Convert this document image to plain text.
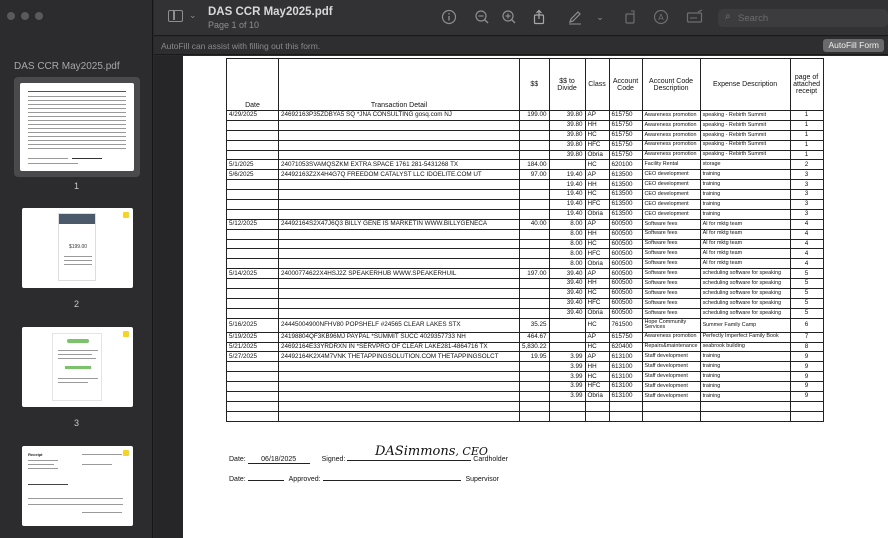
DAS CCR May2025.pdf
1
$199.00
2
3
Receipt
⌄ DAS CCR May2025.pdf
Page 1 of 10
⌄	A	⌕
Search
AutoFill can assist with filling out this form.	AutoFill Form
Date	Transaction Detail	$$	$$ to Divide	Class	Account Code	Account Code Description	Expense Description	page of attached receipt
4/29/2025	24692163P35ZDBYA5 SQ *JNA CONSULTING gosq.com NJ	199.00	39.80	AP	615750	Awareness promotion	speaking - Rebirth Summit	1
			39.80	HH	615750	Awareness promotion	speaking - Rebirth Summit	1
			39.80	HC	615750	Awareness promotion	speaking - Rebirth Summit	1
			39.80	HFC	615750	Awareness promotion	speaking - Rebirth Summit	1
			39.80	Obria	615750	Awareness promotion	speaking - Rebirth Summit	1
5/1/2025	24071053SVAMQSZKM EXTRA SPACE 1761 281-5431268 TX	184.00		HC	620100	Facility Rental	storage	2
5/6/2025	24492163Z2X4H4G7Q FREEDOM CATALYST LLC IDOELITE.COM UT	97.00	19.40	AP	613500	CEO development	training	3
			19.40	HH	613500	CEO development	training	3
			19.40	HC	613500	CEO development	training	3
			19.40	HFC	613500	CEO development	training	3
			19.40	Obria	613500	CEO development	training	3
5/12/2025	24492164S2X47J6Q3 BILLY GENE IS MARKETIN WWW.BILLYGENECA	40.00	8.00	AP	600500	Software fees	AI for mktg team	4
			8.00	HH	600500	Software fees	AI for mktg team	4
			8.00	HC	600500	Software fees	AI for mktg team	4
			8.00	HFC	600500	Software fees	AI for mktg team	4
			8.00	Obria	600500	Software fees	AI for mktg team	4
5/14/2025	24000774622X4HSJ2Z SPEAKERHUB WWW.SPEAKERHUIL	197.00	39.40	AP	600500	Software fees	scheduling software for speaking	5
			39.40	HH	600500	Software fees	scheduling software for speaking	5
			39.40	HC	600500	Software fees	scheduling software for speaking	5
			39.40	HFC	600500	Software fees	scheduling software for speaking	5
			39.40	Obria	600500	Software fees	scheduling software for speaking	5
5/16/2025	24445004900NFHV80 POPSHELF #24565 CLEAR LAKES STX	35.25		HC	761500	Hope Community Services	Summer Family Camp	6
5/19/2025	24198804QF3KB96MJ PAYPAL *SUMMIT SUCC 4029357733 NH	464.67		AP	615750	Awareness promotion	Perfectly Imperfect Family Book	7
5/21/2025	24692164E33YRDRXN IN *SERVPRO OF CLEAR LAKE281-4864716 TX	5,830.22		HC	620400	Repairs&maintenance	seabrook building	8
5/27/2025	24492164K2X4M7VNK THETAPPINGSOLUTION.COM THETAPPINGSOLCT	19.95	3.99	AP	613100	Staff development	training	9
			3.99	HH	613100	Staff development	training	9
			3.99	HC	613100	Staff development	training	9
			3.99	HFC	613100	Staff development	training	9
			3.99	Obria	613100	Staff development	training	9

Date: 06/18/2025	Signed:	Cardholder
DASimmons, CEO
Date:	Approved:	Supervisor
